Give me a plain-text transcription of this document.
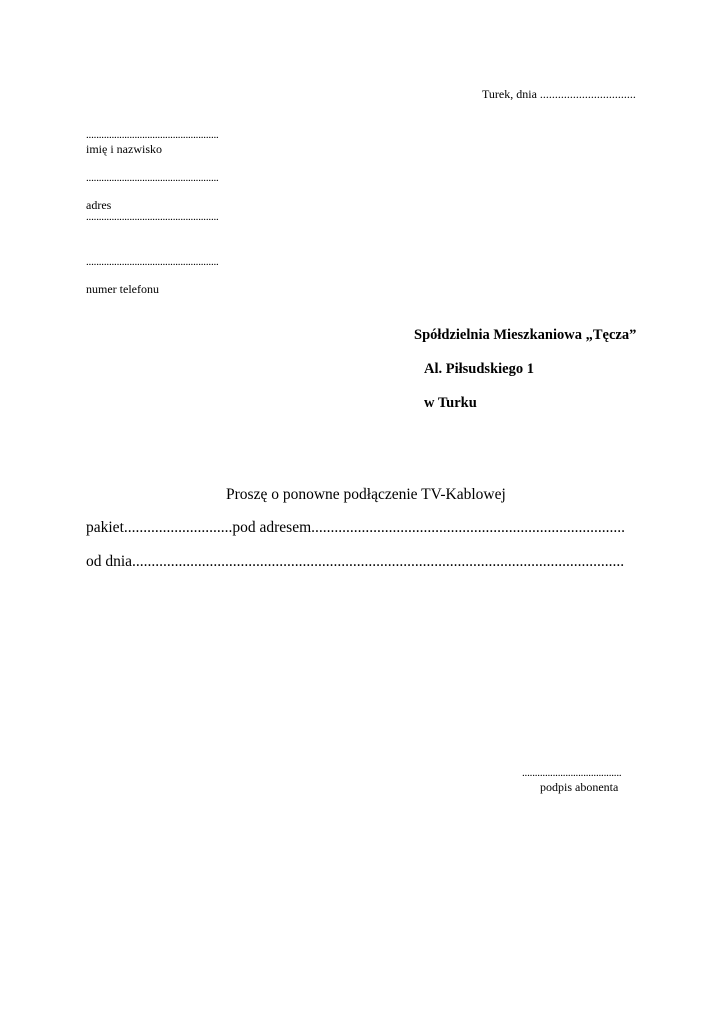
Turek, dnia ................................
....................................................
imię i nazwisko
....................................................
adres
....................................................
....................................................
numer telefonu
Spółdzielnia Mieszkaniowa „Tęcza”
Al. Piłsudskiego 1
w Turku
Proszę o ponowne podłączenie TV-Kablowej
pakiet............................pod adresem.................................................................................
od dnia...............................................................................................................................
.......................................
podpis abonenta
